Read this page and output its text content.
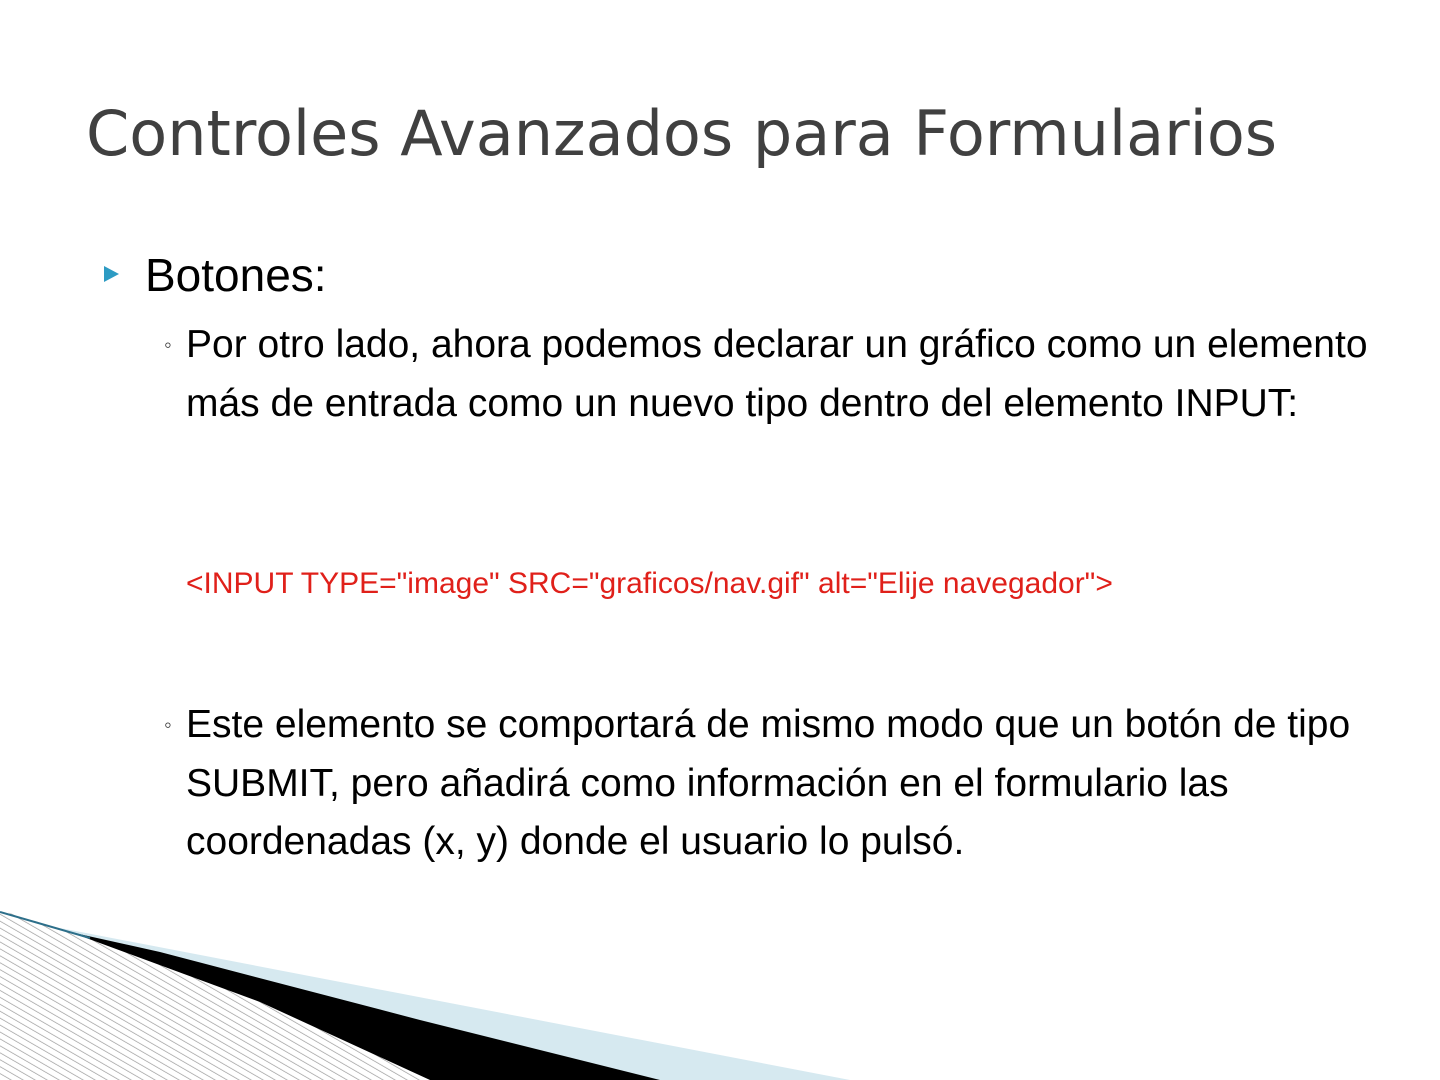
Controles Avanzados para Formularios
Botones:
◦ Por otro lado, ahora podemos declarar un gráfico como un elemento más de entrada como un nuevo tipo dentro del elemento INPUT:
<INPUT TYPE="image" SRC="graficos/nav.gif" alt="Elije navegador">
◦ Este elemento se comportará de mismo modo que un botón de tipo SUBMIT, pero añadirá como información en el formulario las coordenadas (x, y) donde el usuario lo pulsó.
